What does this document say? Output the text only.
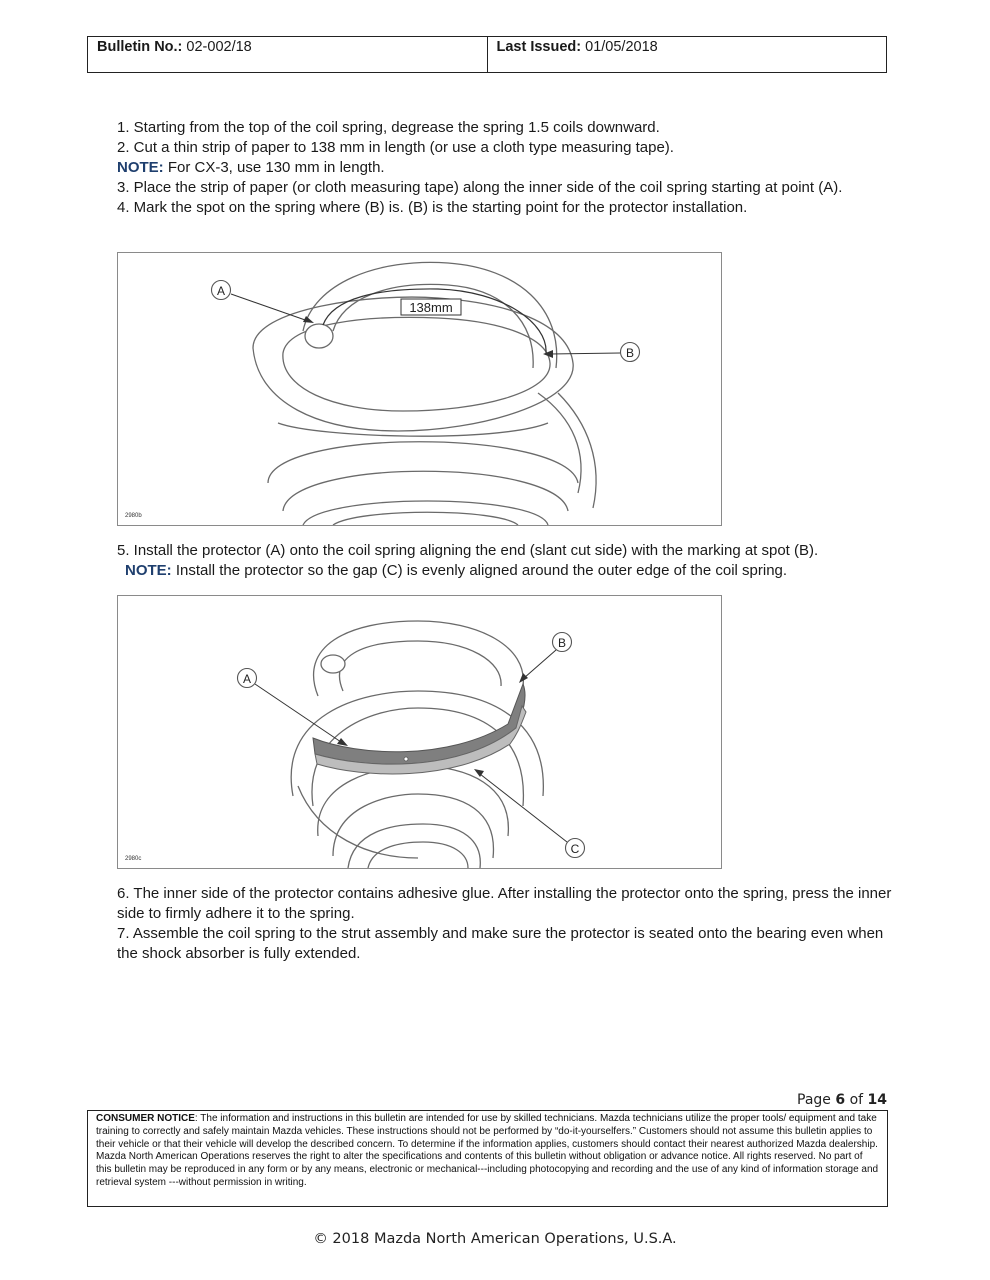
Bulletin No.: 02-002/18	Last Issued: 01/05/2018

1. Starting from the top of the coil spring, degrease the spring 1.5 coils downward.

2. Cut a thin strip of paper to 138 mm in length (or use a cloth type measuring tape).

NOTE: For CX-3, use 130 mm in length.

3. Place the strip of paper (or cloth measuring tape) along the inner side of the coil spring starting at point (A).

4. Mark the spot on the spring where (B) is. (B) is the starting point for the protector installation.

138mm
A
B
2980b

5. Install the protector (A) onto the coil spring aligning the end (slant cut side) with the marking at spot (B).

NOTE: Install the protector so the gap (C) is evenly aligned around the outer edge of the coil spring.

A
B
C
2980c

6. The inner side of the protector contains adhesive glue. After installing the protector onto the spring, press the inner side to firmly adhere it to the spring.

7. Assemble the coil spring to the strut assembly and make sure the protector is seated onto the bearing even when the shock absorber is fully extended.

Page 6 of 14
CONSUMER NOTICE: The information and instructions in this bulletin are intended for use by skilled technicians. Mazda technicians utilize the proper tools/ equipment and take training to correctly and safely maintain Mazda vehicles. These instructions should not be performed by “do-it-yourselfers.” Customers should not assume this bulletin applies to their vehicle or that their vehicle will develop the described concern. To determine if the information applies, customers should contact their nearest authorized Mazda dealership. Mazda North American Operations reserves the right to alter the specifications and contents of this bulletin without obligation or advance notice. All rights reserved. No part of this bulletin may be reproduced in any form or by any means, electronic or mechanical---including photocopying and recording and the use of any kind of information storage and retrieval system ---without permission in writing.
© 2018 Mazda North American Operations, U.S.A.
